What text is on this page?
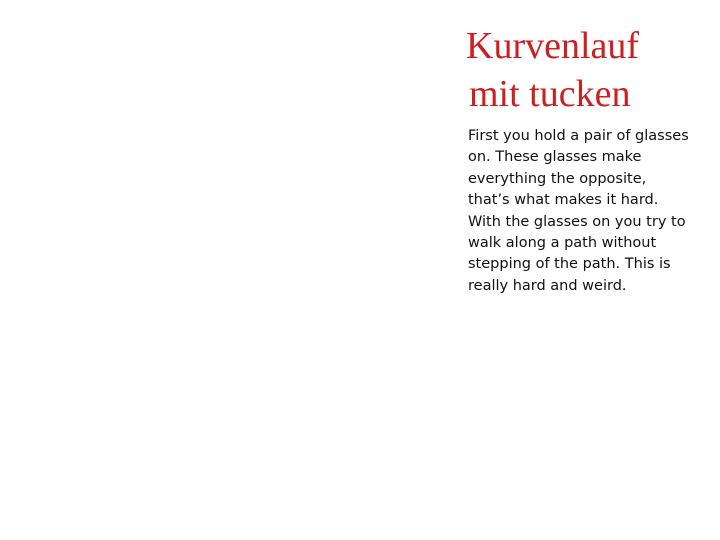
Kurvenlauf
mit tucken

First you hold a pair of glasses
on. These glasses make
everything the opposite,
that’s what makes it hard.
With the glasses on you try to
walk along a path without
stepping of the path. This is
really hard and weird.
